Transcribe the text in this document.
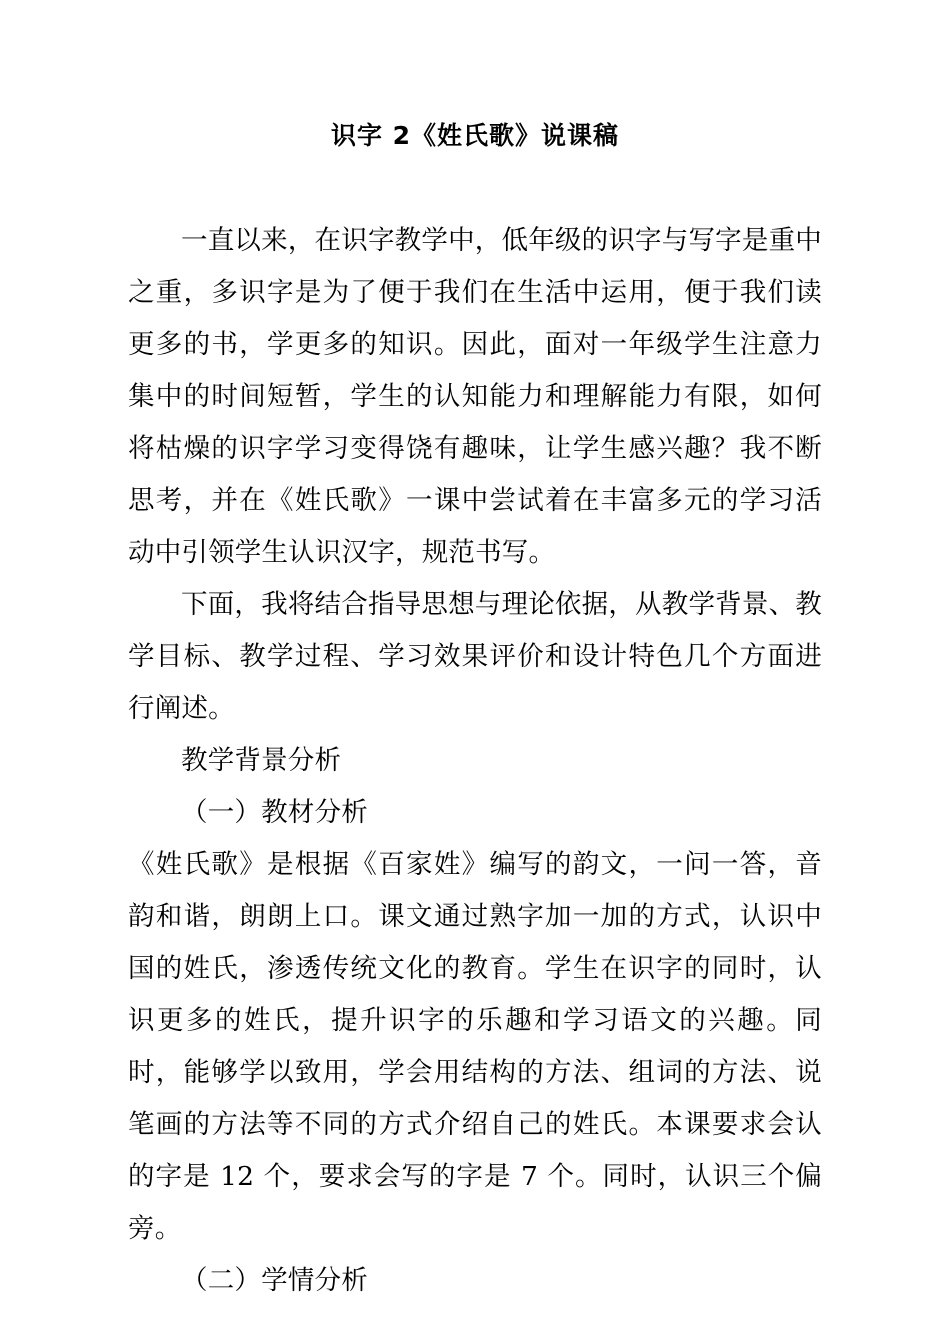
识字 2《姓氏歌》说课稿

一直以来，在识字教学中，低年级的识字与写字是重中之重，多识字是为了便于我们在生活中运用，便于我们读更多的书，学更多的知识。因此，面对一年级学生注意力集中的时间短暂，学生的认知能力和理解能力有限，如何将枯燥的识字学习变得饶有趣味，让学生感兴趣？我不断思考，并在《姓氏歌》一课中尝试着在丰富多元的学习活动中引领学生认识汉字，规范书写。

下面，我将结合指导思想与理论依据，从教学背景、教学目标、教学过程、学习效果评价和设计特色几个方面进行阐述。

教学背景分析

（一）教材分析

《姓氏歌》是根据《百家姓》编写的韵文，一问一答，音韵和谐，朗朗上口。课文通过熟字加一加的方式，认识中国的姓氏，渗透传统文化的教育。学生在识字的同时，认识更多的姓氏，提升识字的乐趣和学习语文的兴趣。同时，能够学以致用，学会用结构的方法、组词的方法、说笔画的方法等不同的方式介绍自己的姓氏。本课要求会认的字是 12 个，要求会写的字是 7 个。同时，认识三个偏旁。

（二）学情分析
